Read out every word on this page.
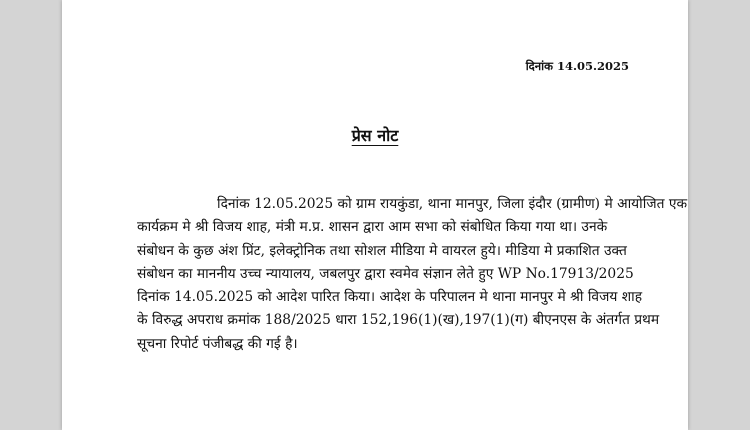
दिनांक 14.05.2025
प्रेस नोट
दिनांक 12.05.2025 को ग्राम रायकुंडा, थाना मानपुर, जिला इंदौर (ग्रामीण) मे आयोजित एक
कार्यक्रम मे श्री विजय शाह, मंत्री म.प्र. शासन द्वारा आम सभा को संबोधित किया गया था। उनके
संबोधन के कुछ अंश प्रिंट, इलेक्ट्रोनिक तथा सोशल मीडिया मे वायरल हुये। मीडिया मे प्रकाशित उक्त
संबोधन का माननीय उच्च न्यायालय, जबलपुर द्वारा स्वमेव संज्ञान लेते हुए WP No.17913/2025
दिनांक 14.05.2025 को आदेश पारित किया। आदेश के परिपालन मे थाना मानपुर मे श्री विजय शाह
के विरुद्ध अपराध क्रमांक 188/2025 धारा 152,196(1)(ख),197(1)(ग) बीएनएस के अंतर्गत प्रथम
सूचना रिपोर्ट पंजीबद्ध की गई है।
